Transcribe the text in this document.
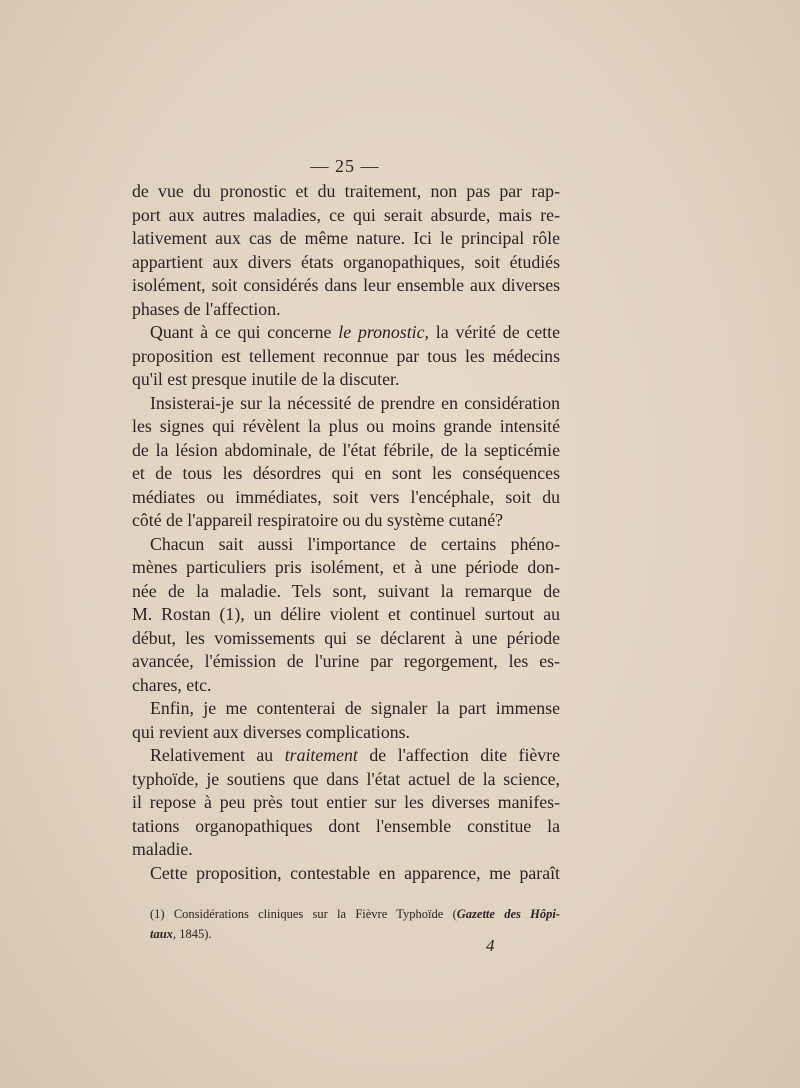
— 25 —
de vue du pronostic et du traitement, non pas par rap-
port aux autres maladies, ce qui serait absurde, mais re-
lativement aux cas de même nature. Ici le principal rôle
appartient aux divers états organopathiques, soit étudiés
isolément, soit considérés dans leur ensemble aux diverses
phases de l'affection.
Quant à ce qui concerne le pronostic, la vérité de cette
proposition est tellement reconnue par tous les médecins
qu'il est presque inutile de la discuter.
Insisterai-je sur la nécessité de prendre en considération
les signes qui révèlent la plus ou moins grande intensité
de la lésion abdominale, de l'état fébrile, de la septicémie
et de tous les désordres qui en sont les conséquences
médiates ou immédiates, soit vers l'encéphale, soit du
côté de l'appareil respiratoire ou du système cutané?
Chacun sait aussi l'importance de certains phéno-
mènes particuliers pris isolément, et à une période don-
née de la maladie. Tels sont, suivant la remarque de
M. Rostan (1), un délire violent et continuel surtout au
début, les vomissements qui se déclarent à une période
avancée, l'émission de l'urine par regorgement, les es-
chares, etc.
Enfin, je me contenterai de signaler la part immense
qui revient aux diverses complications.
Relativement au traitement de l'affection dite fièvre
typhoïde, je soutiens que dans l'état actuel de la science,
il repose à peu près tout entier sur les diverses manifes-
tations organopathiques dont l'ensemble constitue la
maladie.
Cette proposition, contestable en apparence, me paraît
(1) Considérations cliniques sur la Fièvre Typhoïde (Gazette des Hôpi-
taux, 1845).
4
